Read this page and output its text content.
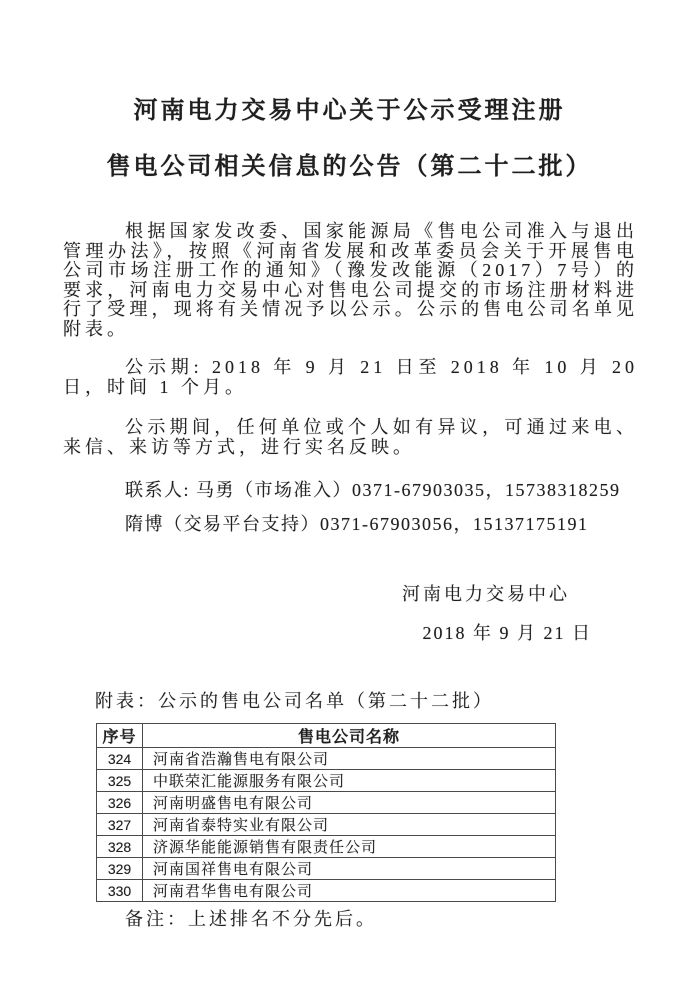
河南电力交易中心关于公示受理注册
售电公司相关信息的公告（第二十二批）
根据国家发改委、国家能源局《售电公司准入与退出管理办法》，按照《河南省发展和改革委员会关于开展售电公司市场注册工作的通知》（豫发改能源（2017）7号）的要求，河南电力交易中心对售电公司提交的市场注册材料进行了受理，现将有关情况予以公示。公示的售电公司名单见附表。
公示期: 2018 年 9 月 21 日至 2018 年 10 月 20 日，时间 1 个月。
公示期间，任何单位或个人如有异议，可通过来电、来信、来访等方式，进行实名反映。
联系人: 马勇（市场准入）0371-67903035，15738318259
隋博（交易平台支持）0371-67903056，15137175191
河南电力交易中心
2018 年 9 月 21 日
附表：公示的售电公司名单（第二十二批）
序号	售电公司名称
324	河南省浩瀚售电有限公司
325	中联荣汇能源服务有限公司
326	河南明盛售电有限公司
327	河南省泰特实业有限公司
328	济源华能能源销售有限责任公司
329	河南国祥售电有限公司
330	河南君华售电有限公司
备注：上述排名不分先后。
